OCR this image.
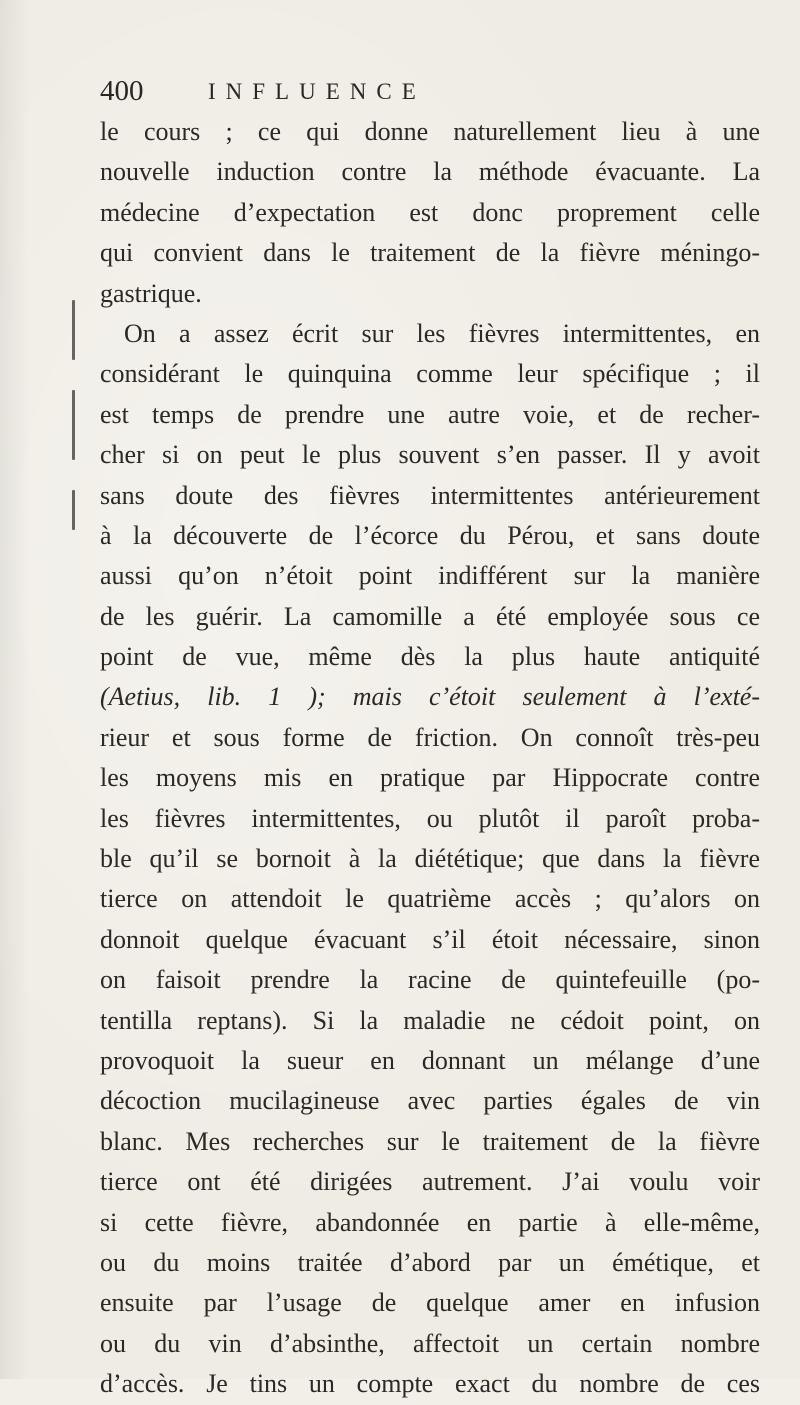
400	INFLUENCE
le cours ; ce qui donne naturellement lieu à une
nouvelle induction contre la méthode évacuante. La
médecine d’expectation est donc proprement celle
qui convient dans le traitement de la fièvre méningo-
gastrique.
On a assez écrit sur les fièvres intermittentes, en
considérant le quinquina comme leur spécifique ; il
est temps de prendre une autre voie, et de recher-
cher si on peut le plus souvent s’en passer. Il y avoit
sans doute des fièvres intermittentes antérieurement
à la découverte de l’écorce du Pérou, et sans doute
aussi qu’on n’étoit point indifférent sur la manière
de les guérir. La camomille a été employée sous ce
point de vue, même dès la plus haute antiquité
(Aetius, lib. 1 ); mais c’étoit seulement à l’exté-
rieur et sous forme de friction. On connoît très-peu
les moyens mis en pratique par Hippocrate contre
les fièvres intermittentes, ou plutôt il paroît proba-
ble qu’il se bornoit à la diététique; que dans la fièvre
tierce on attendoit le quatrième accès ; qu’alors on
donnoit quelque évacuant s’il étoit nécessaire, sinon
on faisoit prendre la racine de quintefeuille (po-
tentilla reptans). Si la maladie ne cédoit point, on
provoquoit la sueur en donnant un mélange d’une
décoction mucilagineuse avec parties égales de vin
blanc. Mes recherches sur le traitement de la fièvre
tierce ont été dirigées autrement. J’ai voulu voir
si cette fièvre, abandonnée en partie à elle-même,
ou du moins traitée d’abord par un émétique, et
ensuite par l’usage de quelque amer en infusion
ou du vin d’absinthe, affectoit un certain nombre
d’accès. Je tins un compte exact du nombre de ces
